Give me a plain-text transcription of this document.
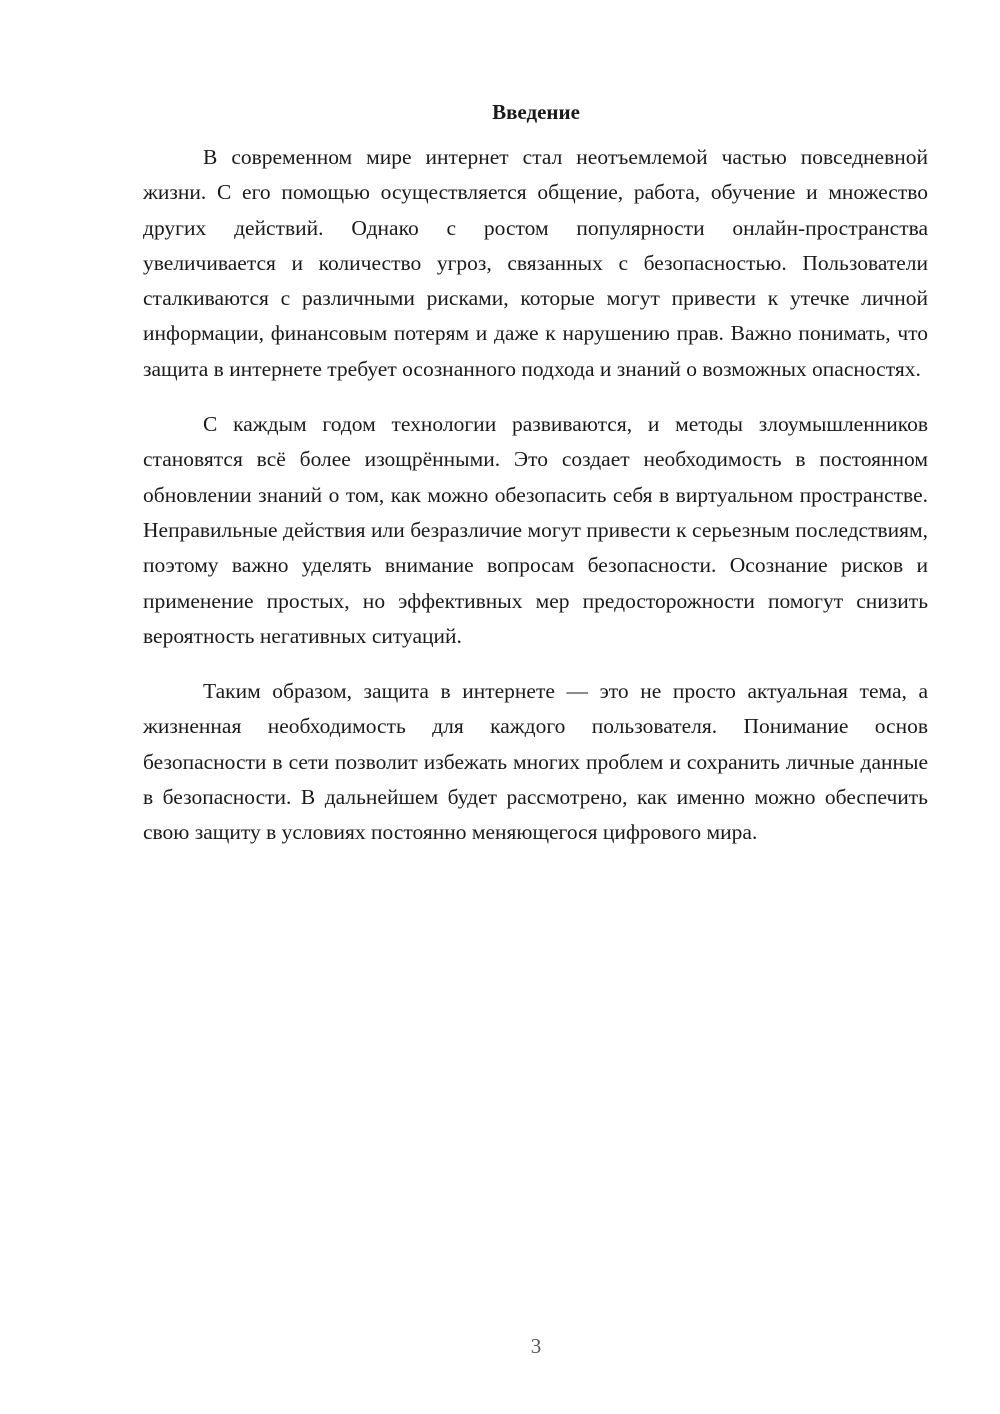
Введение

В современном мире интернет стал неотъемлемой частью повседневной жизни. С его помощью осуществляется общение, работа, обучение и множество других действий. Однако с ростом популярности онлайн-пространства увеличивается и количество угроз, связанных с безопасностью. Пользователи сталкиваются с различными рисками, которые могут привести к утечке личной информации, финансовым потерям и даже к нарушению прав. Важно понимать, что защита в интернете требует осознанного подхода и знаний о возможных опасностях.

С каждым годом технологии развиваются, и методы злоумышленников становятся всё более изощрёнными. Это создает необходимость в постоянном обновлении знаний о том, как можно обезопасить себя в виртуальном пространстве. Неправильные действия или безразличие могут привести к серьезным последствиям, поэтому важно уделять внимание вопросам безопасности. Осознание рисков и применение простых, но эффективных мер предосторожности помогут снизить вероятность негативных ситуаций.

Таким образом, защита в интернете — это не просто актуальная тема, а жизненная необходимость для каждого пользователя. Понимание основ безопасности в сети позволит избежать многих проблем и сохранить личные данные в безопасности. В дальнейшем будет рассмотрено, как именно можно обеспечить свою защиту в условиях постоянно меняющегося цифрового мира.

3
